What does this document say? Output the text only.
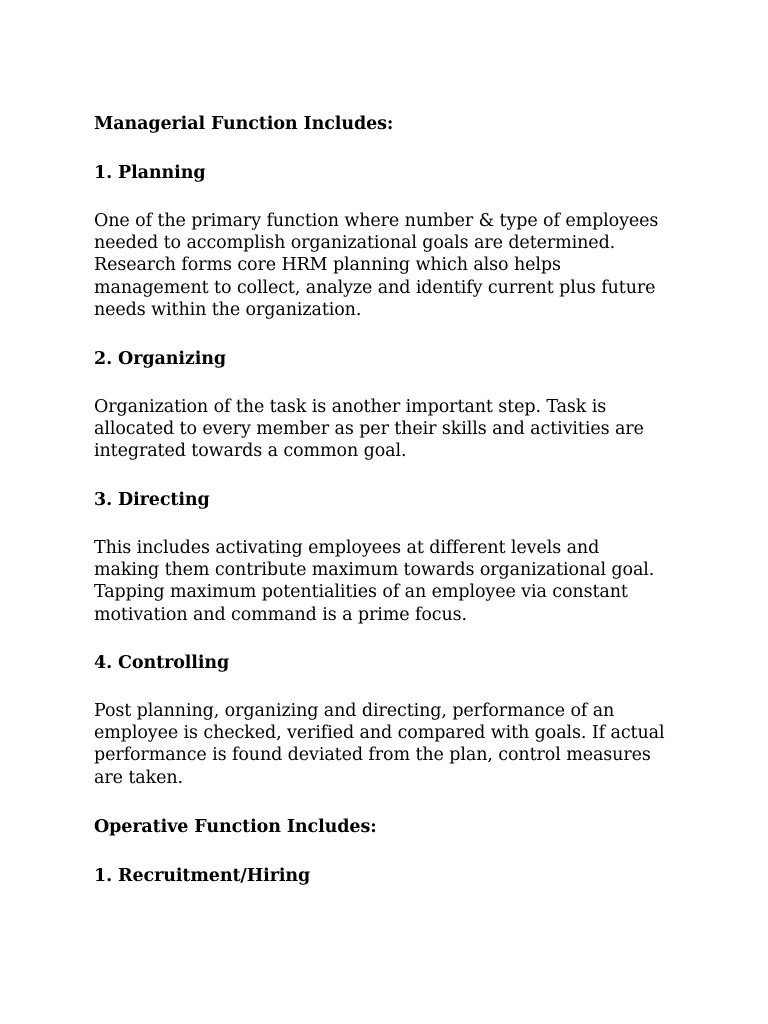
Managerial Function Includes:
1. Planning
One of the primary function where number & type of employees
needed to accomplish organizational goals are determined.
Research forms core HRM planning which also helps
management to collect, analyze and identify current plus future
needs within the organization.
2. Organizing
Organization of the task is another important step. Task is
allocated to every member as per their skills and activities are
integrated towards a common goal.
3. Directing
This includes activating employees at different levels and
making them contribute maximum towards organizational goal.
Tapping maximum potentialities of an employee via constant
motivation and command is a prime focus.
4. Controlling
Post planning, organizing and directing, performance of an
employee is checked, verified and compared with goals. If actual
performance is found deviated from the plan, control measures
are taken.
Operative Function Includes:
1. Recruitment/Hiring
